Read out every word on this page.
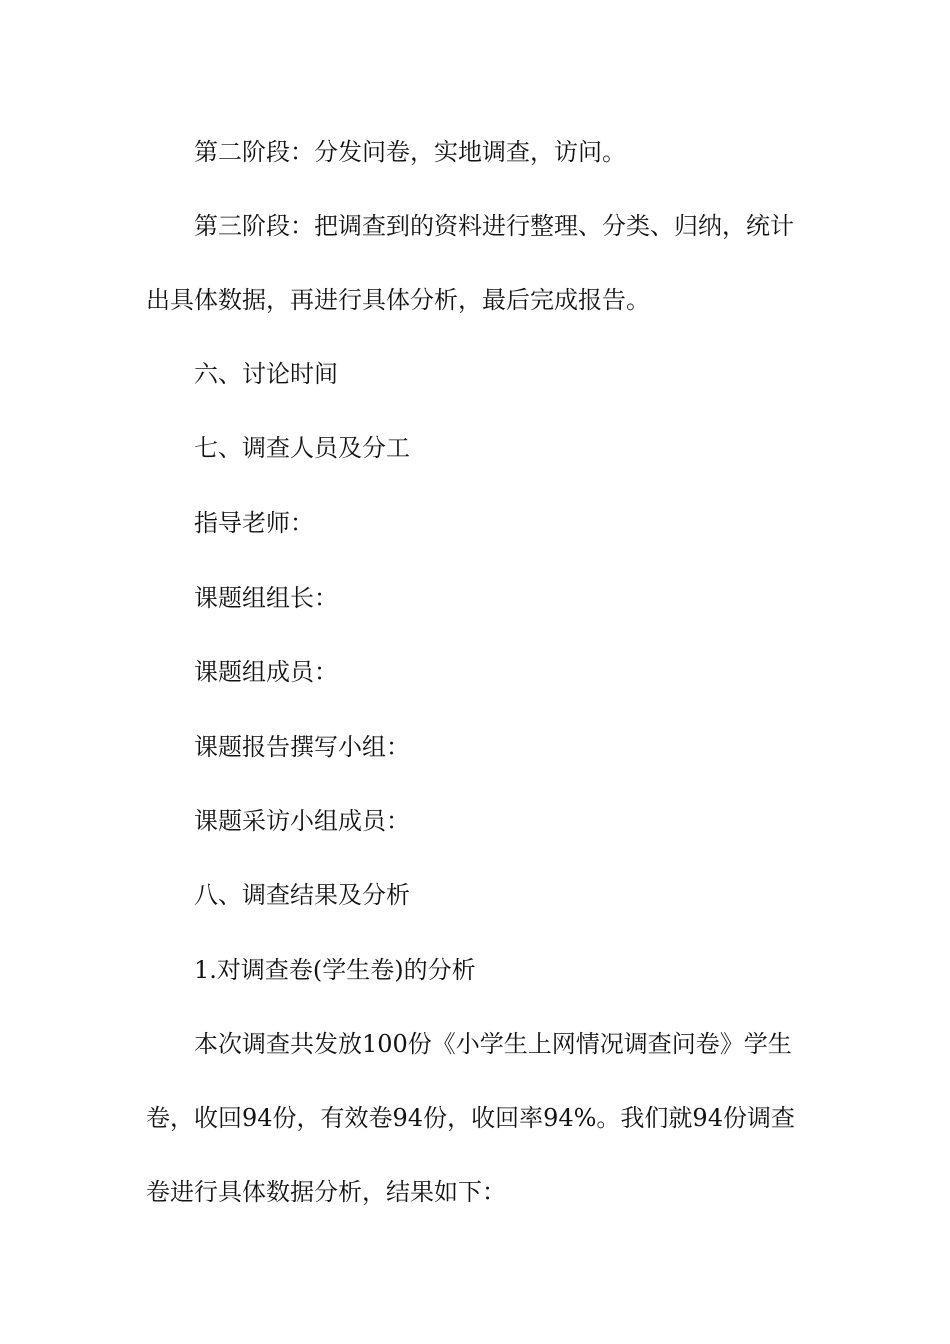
第二阶段：分发问卷，实地调查，访问。
第三阶段：把调查到的资料进行整理、分类、归纳，统计
出具体数据，再进行具体分析，最后完成报告。
六、讨论时间
七、调查人员及分工
指导老师：
课题组组长：
课题组成员：
课题报告撰写小组：
课题采访小组成员：
八、调查结果及分析
1.对调查卷(学生卷)的分析
本次调查共发放100份《小学生上网情况调查问卷》学生
卷，收回94份，有效卷94份，收回率94%。我们就94份调查
卷进行具体数据分析，结果如下：
